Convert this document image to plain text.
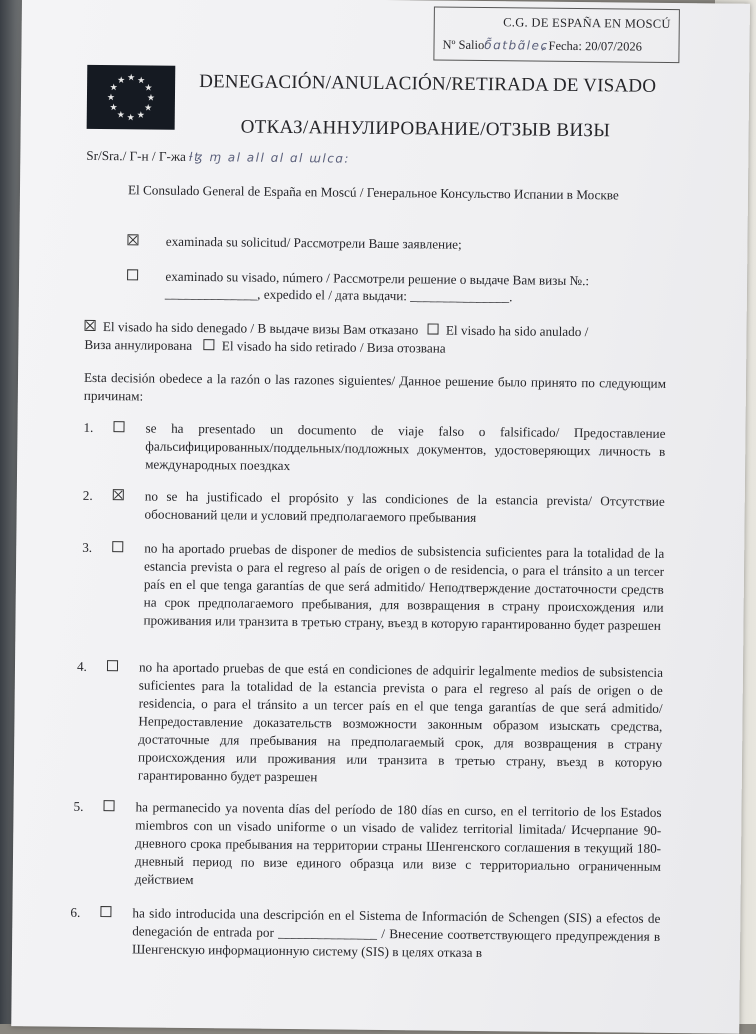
C.G. DE ESPAÑA EN MOSCÚ
Nº Salioб̃ɑtbɑ̃leɕFecha: 20/07/2026
★
★
★
★
★
★
★
★
★ ★ ★
★ DENEGACIÓN/ANULACIÓN/RETIRADA DE VISADO
ОТКАЗ/АННУЛИРОВАНИЕ/ОТЗЫВ ВИЗЫ
Sr/Sra./ Г-н / Г-жа ƚꜩ ɱ al all ɑl ɑl ɯlcɑ:
El Consulado General de España en Moscú / Генеральное Консульство Испании в Москве
examinada su solicitud/ Рассмотрели Ваше заявление;
examinado su visado, número / Рассмотрели решение о выдаче Вам визы №.:
______________, expedido el / дата выдачи: _______________.
El visado ha sido denegado / В выдаче визы Вам отказано El visado ha sido anulado /
Виза аннулирована El visado ha sido retirado / Виза отозвана
Esta decisión obedece a la razón o las razones siguientes/ Данное решение было принято по следующим причинам:
1.	se ha presentado un documento de viaje falso o falsificado/ Предоставление фальсифицированных/поддельных/подложных документов, удостоверяющих личность в международных поездках
2.	no se ha justificado el propósito y las condiciones de la estancia prevista/ Отсутствие обоснований цели и условий предполагаемого пребывания
3.	no ha aportado pruebas de disponer de medios de subsistencia suficientes para la totalidad de la estancia prevista o para el regreso al país de origen o de residencia, o para el tránsito a un tercer país en el que tenga garantías de que será admitido/ Неподтверждение достаточности средств на срок предполагаемого пребывания, для возвращения в страну происхождения или проживания или транзита в третью страну, въезд в которую гарантированно будет разрешен
4.	no ha aportado pruebas de que está en condiciones de adquirir legalmente medios de subsistencia suficientes para la totalidad de la estancia prevista o para el regreso al país de origen o de residencia, o para el tránsito a un tercer país en el que tenga garantías de que será admitido/ Непредоставление доказательств возможности законным образом изыскать средства, достаточные для пребывания на предполагаемый срок, для возвращения в страну происхождения или проживания или транзита в третью страну, въезд в которую гарантированно будет разрешен
5.	ha permanecido ya noventa días del período de 180 días en curso, en el territorio de los Estados miembros con un visado uniforme o un visado de validez territorial limitada/ Исчерпание 90-дневного срока пребывания на территории страны Шенгенского соглашения в текущий 180-дневный период по визе единого образца или визе с территориально ограниченным действием
6.	ha sido introducida una descripción en el Sistema de Información de Schengen (SIS) a efectos de denegación de entrada por _______________ / Внесение соответствующего предупреждения в Шенгенскую информационную систему (SIS) в целях отказа в
